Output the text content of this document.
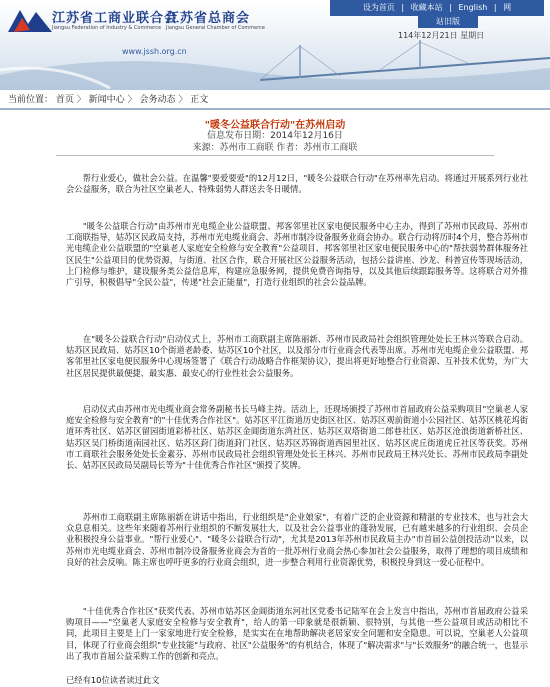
江苏省工商业联合会
Jiangsu Federation of Industry & Commerce
江苏省总商会
Jiangsu General Chamber of Commerce
设为首页 | 收藏本站 | English | 网
站旧版
114年12月21日 星期日
www.jssh.org.cn
当前位置： 首页 〉 新闻中心 〉 会务动态 〉 正文
"暖冬公益联合行动"在苏州启动
信息发布日期：2014年12月16日
来源：苏州市工商联 作者：苏州市工商联

　　帮行业爱心，做社会公益。在温馨"要爱要爱"的12月12日，"暖冬公益联合行动"在苏州率先启动。将通过开展系列行业社会公益服务，联合为社区空巢老人、特殊弱势人群送去冬日暖情。

　　"暖冬公益联合行动"由苏州市光电缆企业公益联盟、邦客邻里社区家电便民服务中心主办，得到了苏州市民政局、苏州市工商联指导，姑苏区民政局支持，苏州市光电缆业商会、苏州市制冷设备服务业商会协办。联合行动将历时4个月，整合苏州市光电缆企业公益联盟的"空巢老人家庭安全检修与安全教育"公益项目、邦客邻里社区家电便民服务中心的"帮扶弱势群体服务社区民生"公益项目的优势资源，与街道、社区合作，联合开展社区公益服务活动，包括公益讲座、沙龙、科普宣传等现场活动，上门检修与维护，建设服务类公益信息库，构建应急服务网，提供免费咨询指导，以及其他后续跟踪服务等。这将联合对外推广引导，积极倡导"全民公益"，传递"社会正能量"，打造行业组织的社会公益品牌。

　　在"暖冬公益联合行动"启动仪式上，苏州市工商联副主席陈丽新、苏州市民政局社会组织管理处处长王林兴等联合启动。姑苏区民政局、姑苏区10个街道老龄委、姑苏区10个社区，以及部分市行业商会代表等出席。苏州市光电缆企业公益联盟、邦客邻里社区家电便民服务中心现场签署了《联合行动战略合作框架协议》，提出将更好地整合行业资源、互补技术优势，为广大社区居民提供最便捷、最实惠、最安心的行业性社会公益服务。

　　启动仪式由苏州市光电缆业商会常务副秘书长马峰主持。活动上，还现场颁授了苏州市首届政府公益采购项目"空巢老人家庭安全检修与安全教育"的"十佳优秀合作社区"。姑苏区平江街道历史街区社区、姑苏区观前街道小公园社区、姑苏区桃花坞街道环秀社区、姑苏区留园街道彩桥社区、姑苏区金阊街道东湾社区、姑苏区双塔街道二郎巷社区、姑苏区沧浪街道新桥社区、姑苏区吴门桥街道南园社区、姑苏区葑门街道葑门社区、姑苏区苏锦街道西园里社区、姑苏区虎丘街道虎丘社区等获奖。苏州市工商联社会服务处处长金素芬、苏州市民政局社会组织管理处处长王林兴、苏州市民政局王林兴处长、苏州市民政局李副处长、姑苏区民政局吴副局长等为"十佳优秀合作社区"颁授了奖牌。

　　苏州市工商联副主席陈丽新在讲话中指出，行业组织是"企业娘家"，有着广泛的企业资源和精湛的专业技术，也与社会大众息息相关。这些年来随着苏州行业组织的不断发展壮大，以及社会公益事业的蓬勃发展，已有越来越多的行业组织、会员企业积极投身公益事业。"帮行业爱心"、"暖冬公益联合行动"，尤其是2013年苏州市民政局主办"市首届公益创投活动"以来，以苏州市光电缆业商会、苏州市制冷设备服务业商会为首的一批苏州行业商会热心参加社会公益服务，取得了理想的项目成绩和良好的社会反响。陈主席也呼吁更多的行业商会组织，进一步整合利用行业资源优势，积极投身到这一爱心征程中。

　　"十佳优秀合作社区"获奖代表、苏州市姑苏区金阊街道东河社区党委书记陆军在会上发言中指出，苏州市首届政府公益采购项目——"空巢老人家庭安全检修与安全教育"，给人的第一印象就是很新颖、很特别，与其他一些公益项目或活动相比不同，此项目主要是上门一家家地进行安全检修，是实实在在地帮助解决老居家安全问题和安全隐患。可以说，空巢老人公益项目，体现了行业商会组织"专业技能"与政府、社区"公益服务"的有机结合，体现了"解决需求"与"长效服务"的融合统一，也显示出了我市首届公益采购工作的创新和亮点。

已经有10位读者读过此文
